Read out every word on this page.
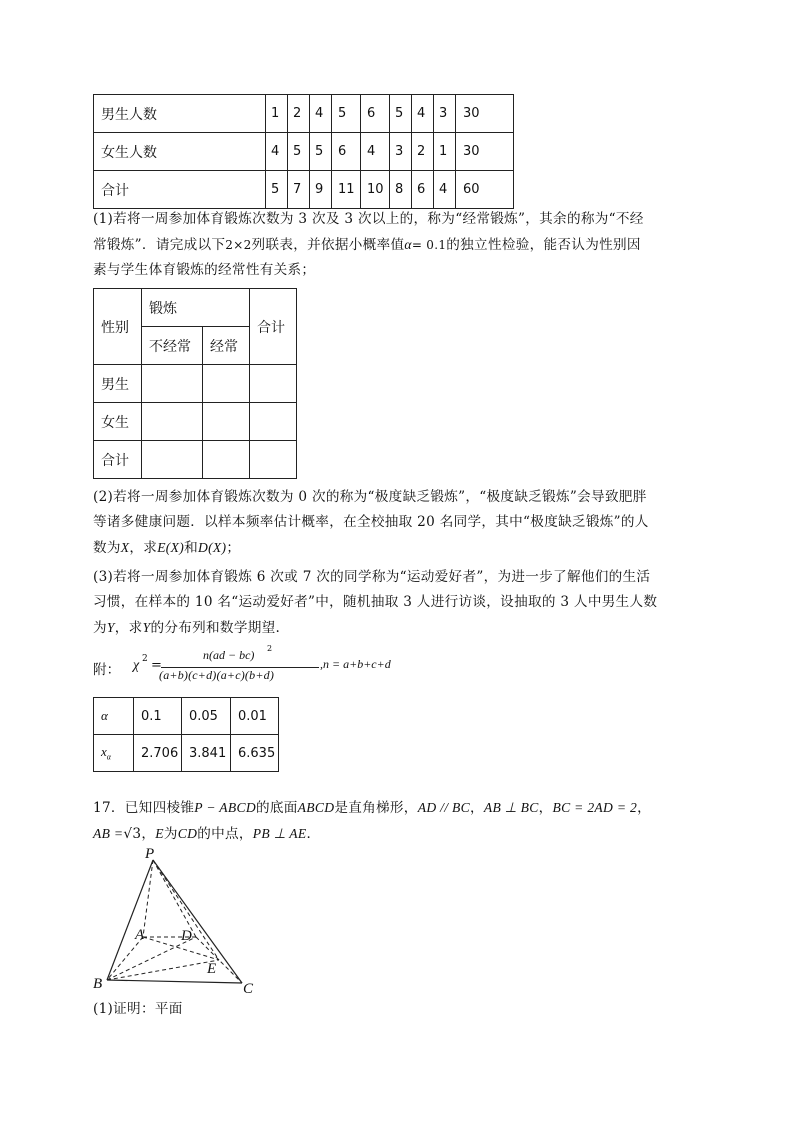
男生人数	1	2	4	5	6	5	4	3	30
女生人数	4	5	5	6	4	3	2	1	30
合计	5	7	9	11	10	8	6	4	60
(1)若将一周参加体育锻炼次数为 3 次及 3 次以上的，称为“经常锻炼”，其余的称为“不经
常锻炼”．请完成以下2×2列联表，并依据小概率值α= 0.1的独立性检验，能否认为性别因
素与学生体育锻炼的经常性有关系；
性别	锻炼		合计
	不经常	经常	
男生			
女生			
合计			
(2)若将一周参加体育锻炼次数为 0 次的称为“极度缺乏锻炼”，“极度缺乏锻炼”会导致肥胖
等诸多健康问题．以样本频率估计概率，在全校抽取 20 名同学，其中“极度缺乏锻炼”的人
数为X，求E(X)和D(X)；
(3)若将一周参加体育锻炼 6 次或 7 次的同学称为“运动爱好者”，为进一步了解他们的生活
习惯，在样本的 10 名“运动爱好者”中，随机抽取 3 人进行访谈，设抽取的 3 人中男生人数
为Y，求Y的分布列和数学期望.
附： χ 2 =
n(ad − bc) 2
(a+b)(c+d)(a+c)(b+d)
,n = a+b+c+d
α	0.1	0.05	0.01
$x_\alpha$	2.706	3.841	6.635
17．已知四棱锥P − ABCD的底面ABCD是直角梯形，AD // BC，AB ⊥ BC，BC = 2AD = 2，
AB =√3，E为CD的中点，PB ⊥ AE．
P
A D
E
B	C
(1)证明：平面
